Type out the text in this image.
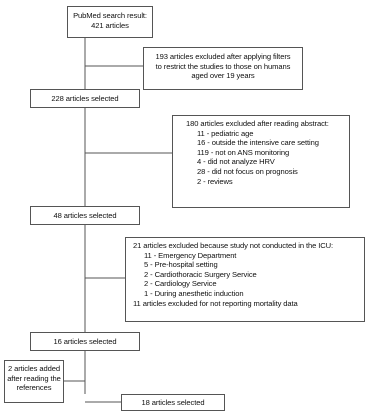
PubMed search result:
421 articles
193 articles excluded after applying filters
to restrict the studies to those on humans
aged over 19 years
228 articles selected
180 articles excluded after reading abstract:
11 - pediatric age
16 - outside the intensive care setting
119 - not on ANS monitoring
4 - did not analyze HRV
28 - did not focus on prognosis
2 - reviews
48 articles selected
21 articles excluded because study not conducted in the ICU:
11 - Emergency Department
5 - Pre-hospital setting
2 - Cardiothoracic Surgery Service
2 - Cardiology Service
1 - During anesthetic induction
11 articles excluded for not reporting mortality data
16 articles selected
2 articles added
after reading the
references
18 articles selected
